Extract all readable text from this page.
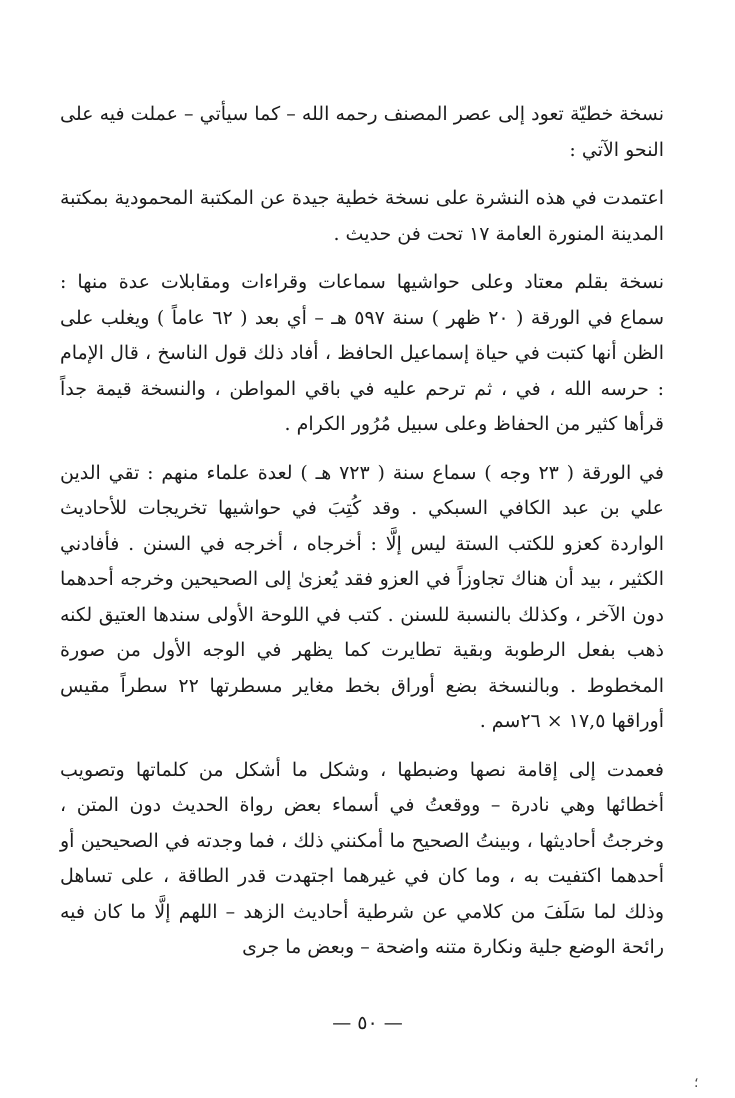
نسخة خطيّة تعود إلى عصر المصنف رحمه الله – كما سيأتي – عملت فيه على النحو الآتي :

اعتمدت في هذه النشرة على نسخة خطية جيدة عن المكتبة المحمودية بمكتبة المدينة المنورة العامة ١٧ تحت فن حديث .

نسخة بقلم معتاد وعلى حواشيها سماعات وقراءات ومقابلات عدة منها : سماع في الورقة ( ٢٠ ظهر ) سنة ٥٩٧ هـ – أي بعد ( ٦٢ عاماً ) ويغلب على الظن أنها كتبت في حياة إسماعيل الحافظ ، أفاد ذلك قول الناسخ ، قال الإمام : حرسه الله ، في ، ثم ترحم عليه في باقي المواطن ، والنسخة قيمة جداً قرأها كثير من الحفاظ وعلى سبيل مُرُور الكرام .

في الورقة ( ٢٣ وجه ) سماع سنة ( ٧٢٣ هـ ) لعدة علماء منهم : تقي الدين علي بن عبد الكافي السبكي . وقد كُتِبَ في حواشيها تخريجات للأحاديث الواردة كعزو للكتب الستة ليس إلَّا : أخرجاه ، أخرجه في السنن . فأفادني الكثير ، بيد أن هناك تجاوزاً في العزو فقد يُعزىٰ إلى الصحيحين وخرجه أحدهما دون الآخر ، وكذلك بالنسبة للسنن . كتب في اللوحة الأولى سندها العتيق لكنه ذهب بفعل الرطوبة وبقية تطايرت كما يظهر في الوجه الأول من صورة المخطوط . وبالنسخة بضع أوراق بخط مغاير مسطرتها ٢٢ سطراً مقيس أوراقها ١٧,٥ × ٢٦سم .

فعمدت إلى إقامة نصها وضبطها ، وشكل ما أشكل من كلماتها وتصويب أخطائها وهي نادرة – ووقعتُ في أسماء بعض رواة الحديث دون المتن ، وخرجتُ أحاديثها ، وبينتُ الصحيح ما أمكنني ذلك ، فما وجدته في الصحيحين أو أحدهما اكتفيت به ، وما كان في غيرهما اجتهدت قدر الطاقة ، على تساهل وذلك لما سَلَفَ من كلامي عن شرطية أحاديث الزهد – اللهم إلَّا ما كان فيه رائحة الوضع جلية ونكارة متنه واضحة – وبعض ما جرى

— ٥٠ —
؛
